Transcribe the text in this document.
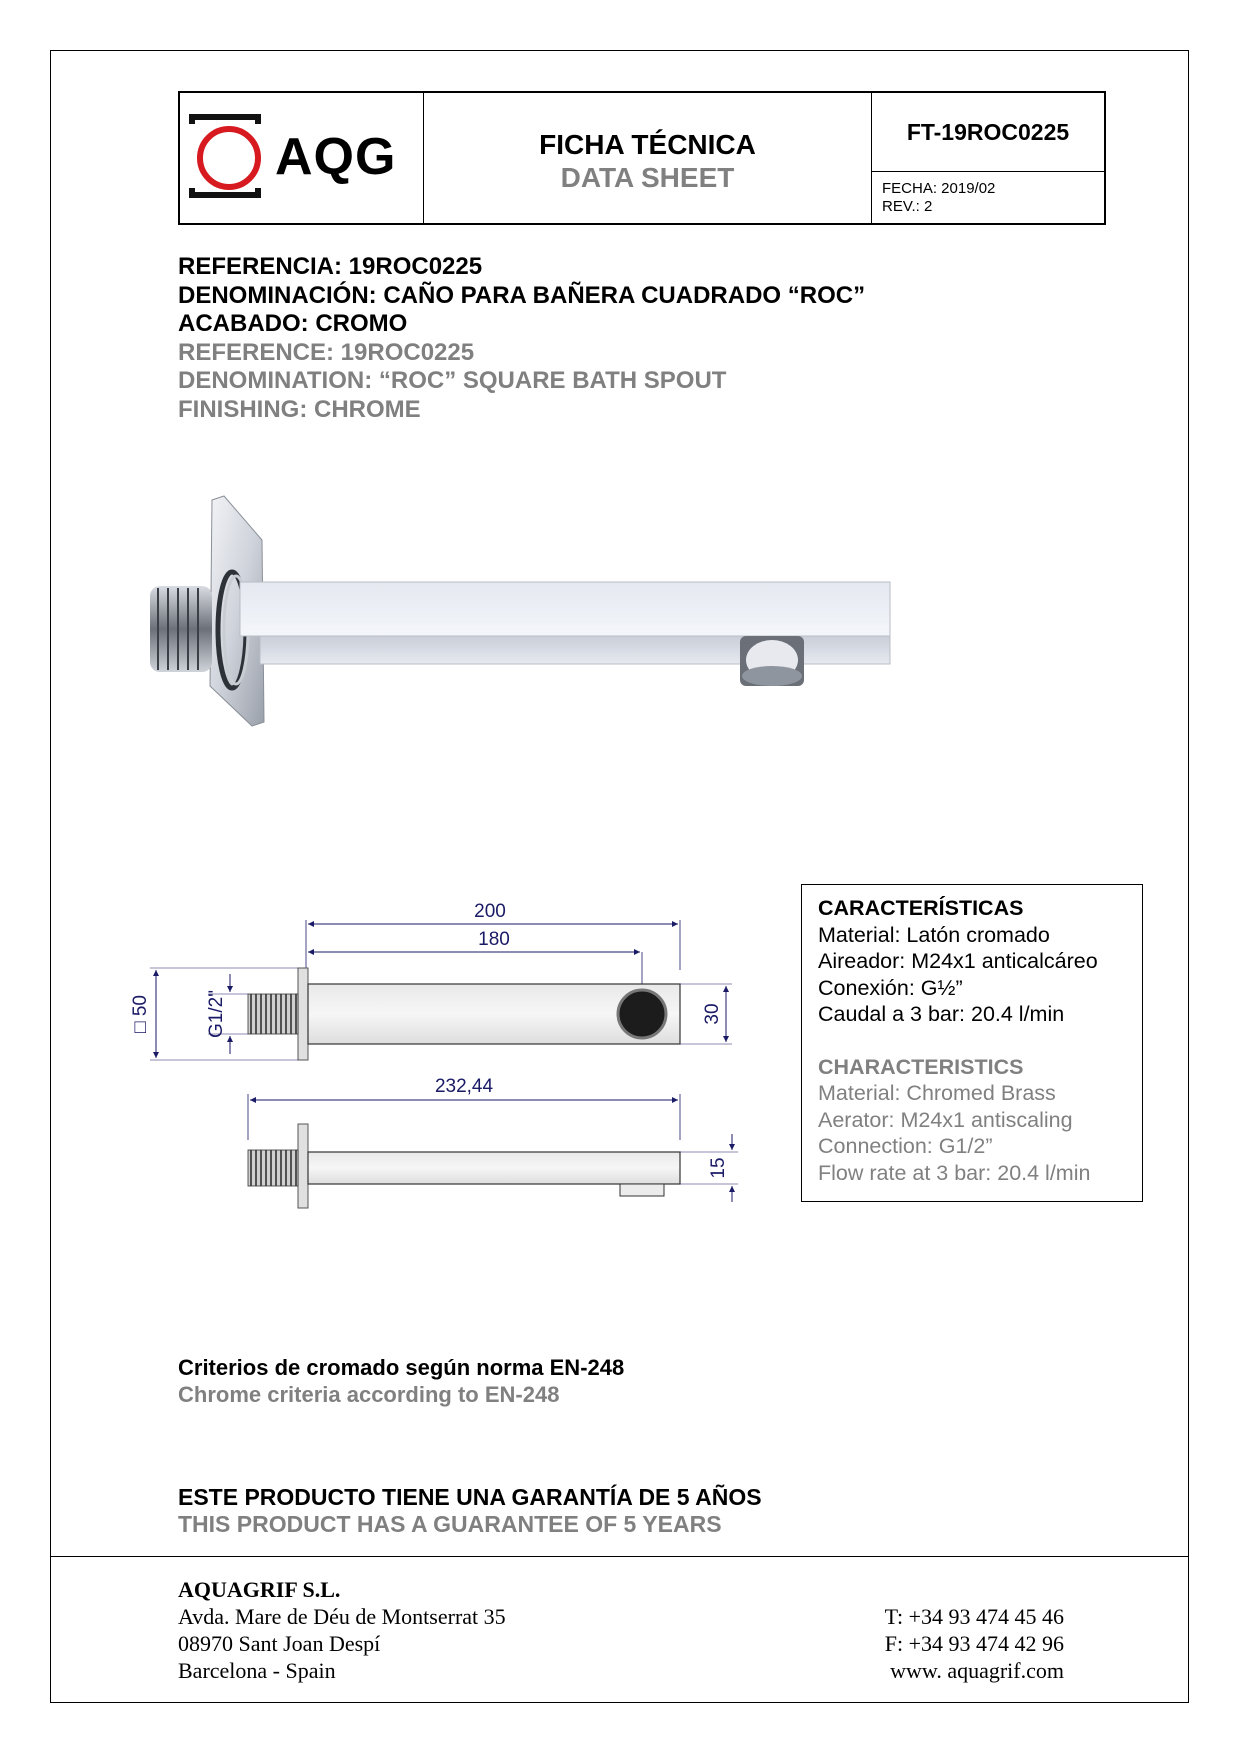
AQG	FICHA TÉCNICA
DATA SHEET
FT-19ROC0225
FECHA: 2019/02
REV.: 2
REFERENCIA: 19ROC0225
DENOMINACIÓN: CAÑO PARA BAÑERA CUADRADO “ROC”
ACABADO: CROMO
REFERENCE: 19ROC0225
DENOMINATION: “ROC” SQUARE BATH SPOUT
FINISHING: CHROME
200
180
□ 50	G1/2"	30
232,44
15
CARACTERÍSTICAS
Material: Latón cromado
Aireador: M24x1 anticalcáreo
Conexión: G½”
Caudal a 3 bar: 20.4 l/min
CHARACTERISTICS
Material: Chromed Brass
Aerator: M24x1 antiscaling
Connection: G1/2”
Flow rate at 3 bar: 20.4 l/min
Criterios de cromado según norma EN-248
Chrome criteria according to EN-248
ESTE PRODUCTO TIENE UNA GARANTÍA DE 5 AÑOS
THIS PRODUCT HAS A GUARANTEE OF 5 YEARS
AQUAGRIF S.L.
Avda. Mare de Déu de Montserrat 35
08970 Sant Joan Despí
Barcelona - Spain
T: +34 93 474 45 46
F: +34 93 474 42 96
www. aquagrif.com
